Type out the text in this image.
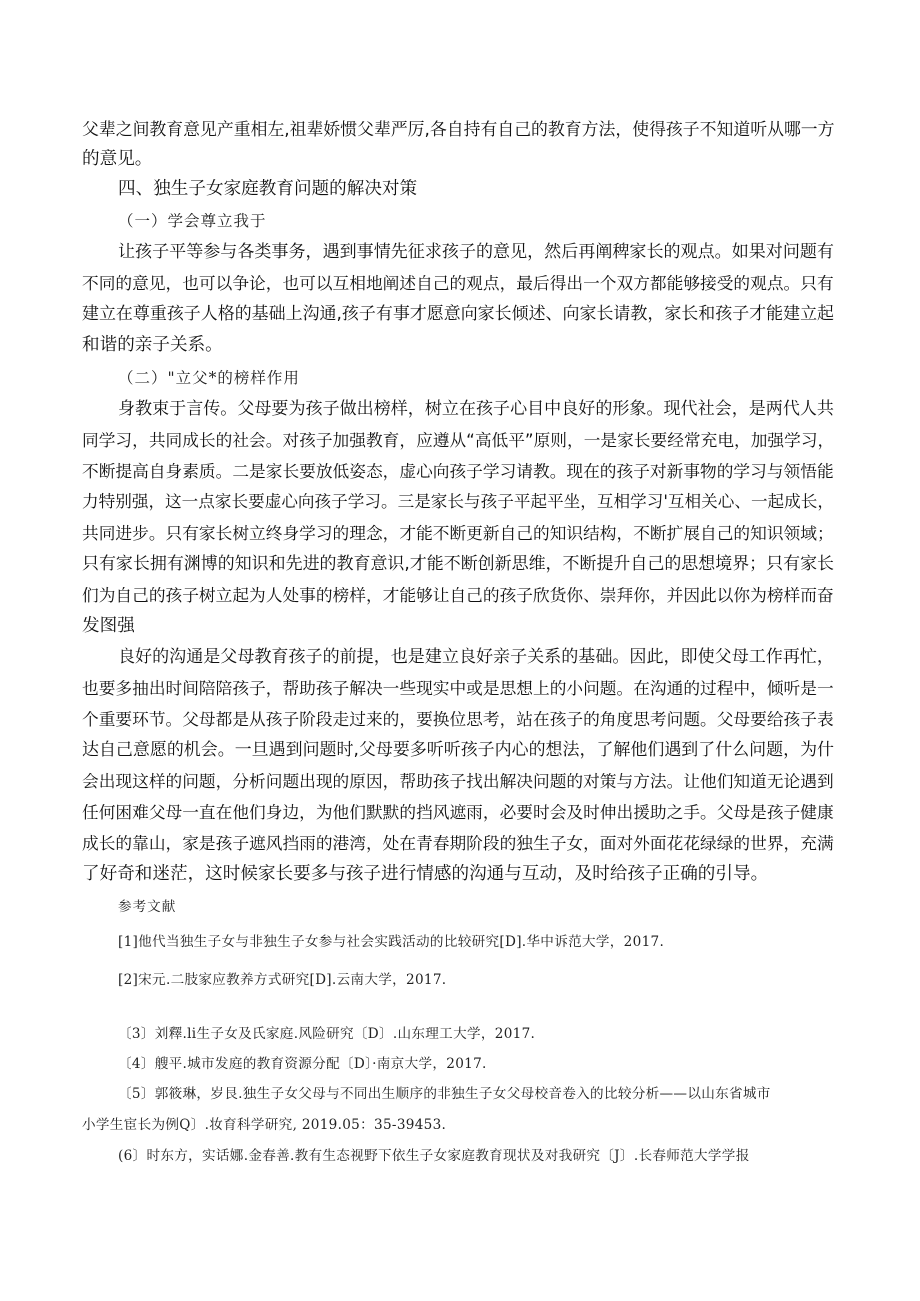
父辈之间教育意见产重相左,祖辈娇惯父辈严厉,各自持有自己的教育方法，使得孩子不知道听从哪一方
的意见。
四、独生子女家庭教育问题的解决对策
（一）学会尊立我于
让孩子平等参与各类事务，遇到事情先征求孩子的意见，然后再阐稗家长的观点。如果对问题有
不同的意见，也可以争论，也可以互相地阐述自己的观点，最后得出一个双方都能够接受的观点。只有
建立在尊重孩子人格的基础上沟通,孩子有事才愿意向家长倾述、向家长请教，家长和孩子才能建立起
和谐的亲子关系。
（二）"立父*的榜样作用
身教束于言传。父母要为孩子做出榜样，树立在孩子心目中良好的形象。现代社会，是两代人共
同学习，共同成长的社会。对孩子加强教育，应遵从“高低平”原则，一是家长要经常充电，加强学习，
不断提高自身素质。二是家长要放低姿态，虚心向孩子学习请教。现在的孩子对新事物的学习与领悟能
力特别强，这一点家长要虚心向孩子学习。三是家长与孩子平起平坐，互相学习'互相关心、一起成长，
共同进步。只有家长树立终身学习的理念，才能不断更新自己的知识结构，不断扩展自己的知识领域；
只有家长拥有渊博的知识和先进的教育意识,才能不断创新思维，不断提升自己的思想境界；只有家长
们为自己的孩子树立起为人处事的榜样，才能够让自己的孩子欣货你、崇拜你，并因此以你为榜样而奋
发图强
良好的沟通是父母教育孩子的前提，也是建立良好亲子关系的基础。因此，即使父母工作再忙，
也要多抽出时间陪陪孩子，帮助孩子解决一些现实中或是思想上的小问题。在沟通的过程中，倾听是一
个重要环节。父母都是从孩子阶段走过来的，要换位思考，站在孩子的角度思考问题。父母要给孩子表
达自己意愿的机会。一旦遇到问题时,父母要多听听孩子内心的想法，了解他们遇到了什么问题，为什
会出现这样的问题，分析问题出现的原因，帮助孩子找出解决问题的对策与方法。让他们知道无论遇到
任何困难父母一直在他们身边，为他们默默的挡风遮雨，必要时会及时伸出援助之手。父母是孩子健康
成长的靠山，家是孩子遮风挡雨的港湾，处在青春期阶段的独生子女，面对外面花花绿绿的世界，充满
了好奇和迷茫，这时候家长要多与孩子进行情感的沟通与互动，及时给孩子正确的引导。
参考文献
[1]他代当独生子女与非独生子女参与社会实践活动的比较研究[D].华中诉范大学，2017.
[2]宋元.二肢家应教养方式研究[D].云南大学，2017.
〔3〕刘釋.li生子女及氏家庭.风险研究〔D〕.山东理工大学，2017.
〔4〕艘平.城市发庭的教育资源分配〔D〕·南京大学，2017.
〔5〕郭筱琳，岁艮.独生子女父母与不同出生顺序的非独生子女父母校音卷入的比较分析——以山东省城市
小学生宦长为例Q〕.妆育科学研究, 2019.05：35-39453.
(6〕时东方，实话娜.金春善.教有生态视野下依生子女家庭教育现状及对我研究〔J〕.长春师范大学学报
